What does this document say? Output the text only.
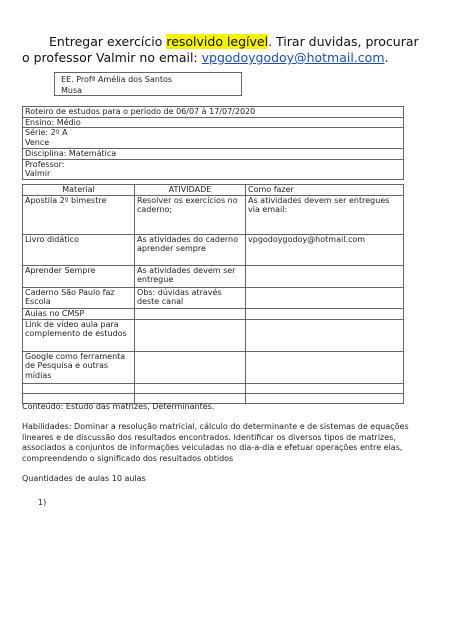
Entregar exercício resolvido legível. Tirar duvidas, procurar o professor Valmir no email: vpgodoygodoy@hotmail.com.
EE. Profª Amélia dos Santos
Musa
Roteiro de estudos para o período de 06/07 à 17/07/2020
Ensino: Médio
Série: 2º A
Vence
Disciplina: Matemática
Professor:
Valmir
Material	ATIVIDADE	Como fazer
Apostila 2º bimestre	Resolver os exercícios no caderno;	As atividades devem ser entregues via email:
Livro didático	As atividades do caderno aprender sempre	vpgodoygodoy@hotmail.com
Aprender Sempre	As atividades devem ser entregue	
Caderno São Paulo faz Escola	Obs: dúvidas através deste canal	
Aulas no CMSP		
Link de vídeo aula para complemento de estudos		
Google como ferramenta de Pesquisa e outras mídias		

Conteúdo: Estudo das matrizes, Determinantes.
Habilidades: Dominar a resolução matricial, cálculo do determinante e de sistemas de equações lineares e de discussão dos resultados encontrados. Identificar os diversos tipos de matrizes, associados a conjuntos de informações veiculadas no dia-a-dia e efetuar operações entre elas, compreendendo o significado dos resultados obtidos
Quantidades de aulas 10 aulas
1)
